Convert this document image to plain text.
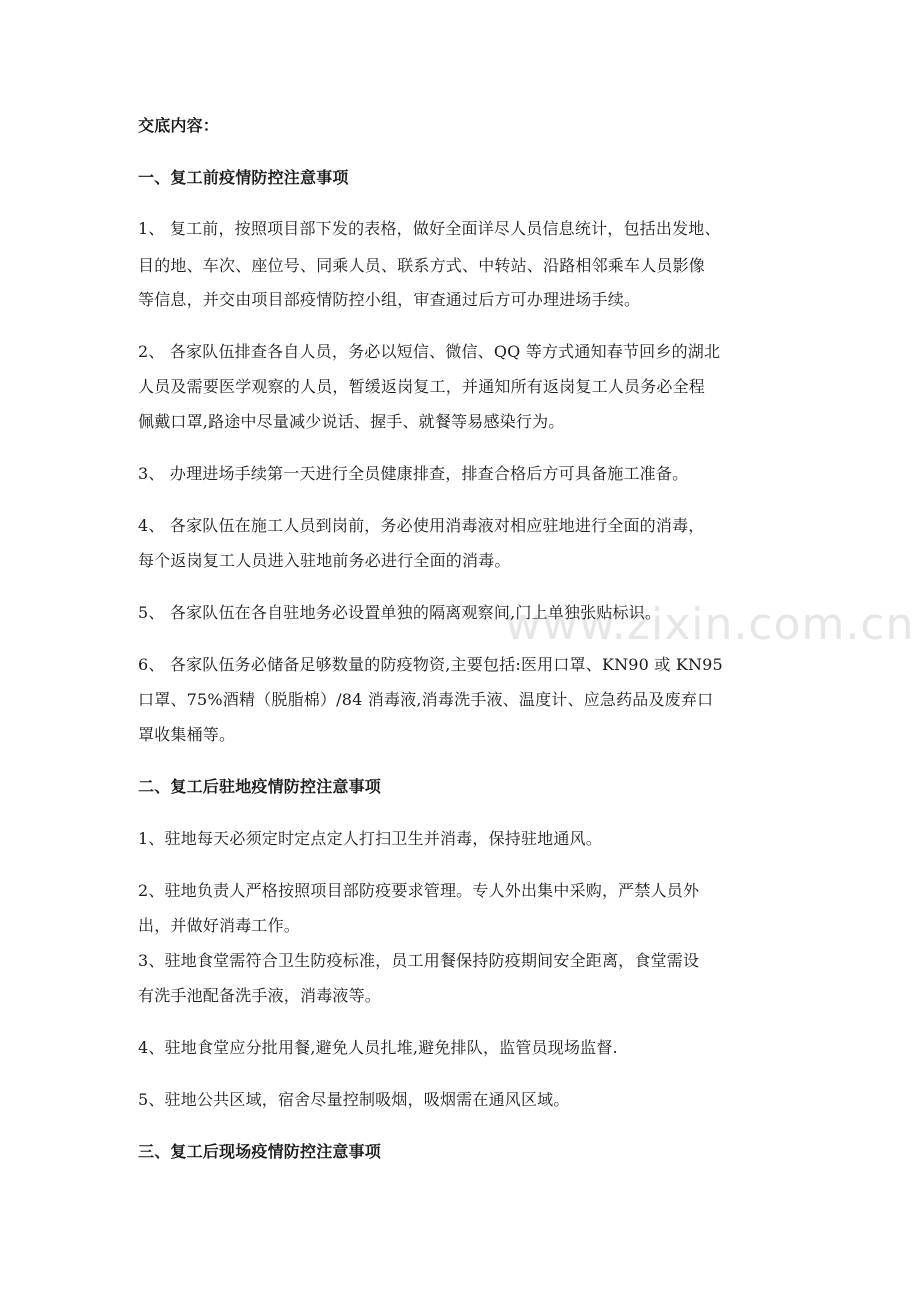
www.zixin.com.cn
交底内容：
一、复工前疫情防控注意事项
1、 复工前，按照项目部下发的表格，做好全面详尽人员信息统计，包括出发地、
目的地、车次、座位号、同乘人员、联系方式、中转站、沿路相邻乘车人员影像
等信息，并交由项目部疫情防控小组，审查通过后方可办理进场手续。
2、 各家队伍排查各自人员，务必以短信、微信、QQ 等方式通知春节回乡的湖北
人员及需要医学观察的人员，暂缓返岗复工，并通知所有返岗复工人员务必全程
佩戴口罩,路途中尽量减少说话、握手、就餐等易感染行为。
3、 办理进场手续第一天进行全员健康排查，排查合格后方可具备施工准备。
4、 各家队伍在施工人员到岗前，务必使用消毒液对相应驻地进行全面的消毒，
每个返岗复工人员进入驻地前务必进行全面的消毒。
5、 各家队伍在各自驻地务必设置单独的隔离观察间,门上单独张贴标识。
6、 各家队伍务必储备足够数量的防疫物资,主要包括:医用口罩、KN90 或 KN95
口罩、75%酒精（脱脂棉）/84 消毒液,消毒洗手液、温度计、应急药品及废弃口
罩收集桶等。
二、复工后驻地疫情防控注意事项
1、驻地每天必须定时定点定人打扫卫生并消毒，保持驻地通风。
2、驻地负责人严格按照项目部防疫要求管理。专人外出集中采购，严禁人员外
出，并做好消毒工作。
3、驻地食堂需符合卫生防疫标准，员工用餐保持防疫期间安全距离，食堂需设
有洗手池配备洗手液，消毒液等。
4、驻地食堂应分批用餐,避免人员扎堆,避免排队，监管员现场监督.
5、驻地公共区域，宿舍尽量控制吸烟，吸烟需在通风区域。
三、复工后现场疫情防控注意事项
